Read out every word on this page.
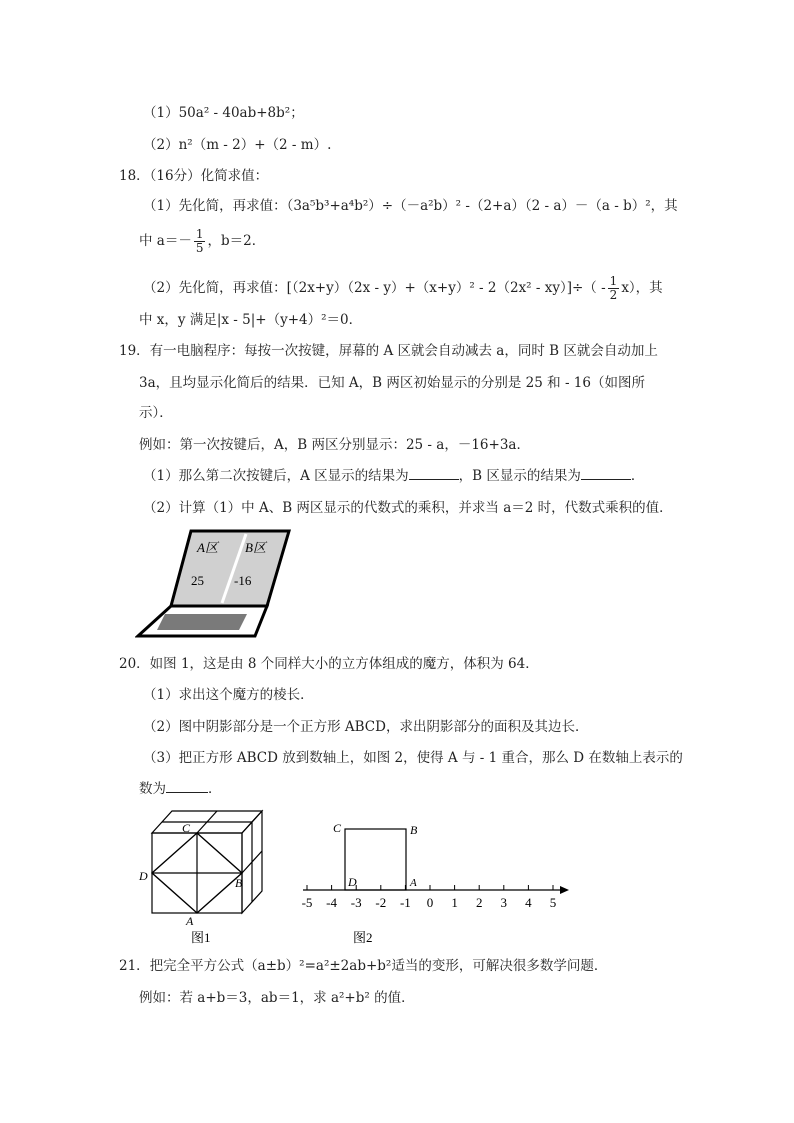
（1）50a² - 40ab+8b²；
（2）n²（m - 2）+（2 - m）.
18．（16分）化简求值：
（1）先化简，再求值：（3a⁵b³+a⁴b²）÷（－a²b）² -（2+a）（2 - a）－（a - b）²，其
中 $a=- \frac{1}{5}$ ，b＝2．
（2）先化简，再求值：$[(2x+y)(2x - y)+(x+y)^2 - 2(2x^2 - xy)]\div( - \frac{1}{2} x)$，其
中 x，y 满足|x - 5|+（y+4）²＝0．
19．有一电脑程序：每按一次按键，屏幕的 A 区就会自动减去 a，同时 B 区就会自动加上
3a，且均显示化简后的结果．已知 A，B 两区初始显示的分别是 25 和 - 16（如图所
示）．
例如：第一次按键后，A，B 两区分别显示：25 - a，－16+3a．
（1）那么第二次按键后，A 区显示的结果为	，B 区显示的结果为	．
（2）计算（1）中 A、B 两区显示的代数式的乘积，并求当 a＝2 时，代数式乘积的值．
A区 B区
25 -16
20．如图 1，这是由 8 个同样大小的立方体组成的魔方，体积为 64．
（1）求出这个魔方的棱长．
（2）图中阴影部分是一个正方形 ABCD，求出阴影部分的面积及其边长．
（3）把正方形 ABCD 放到数轴上，如图 2，使得 A 与 - 1 重合，那么 D 在数轴上表示的
数为	．
C
B
D
A
图1
-5 -4 -3 -2 -1 0 1 2 3 4 5
C	B
D	A
图2
21．把完全平方公式（a±b）²=a²±2ab+b²适当的变形，可解决很多数学问题．
例如：若 a+b＝3，ab＝1，求 a²+b² 的值．
